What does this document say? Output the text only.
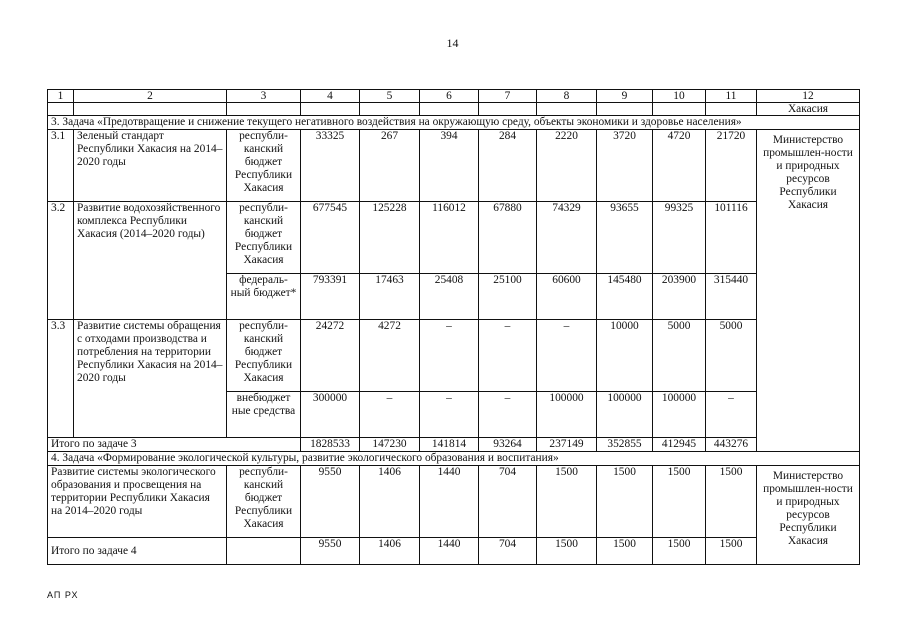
14
1	2	3	4	5	6	7	8	9	10	11	12	
											Хакасия	
3. Задача «Предотвращение и снижение текущего негативного воздействия на окружающую среду, объекты экономики и здоровье населения»												
3.1	Зеленый стандарт Республики Хакасия на 2014–2020 годы	республи-канский бюджет Республики Хакасия	33325	267	394	284	2220	3720	4720	21720	Министерство промышлен-ности и природных ресурсов Республики Хакасия	
3.2	Развитие водохозяйственного комплекса Республики Хакасия (2014–2020 годы)	республи-канский бюджет Республики Хакасия	677545	125228	116012	67880	74329	93655	99325	101116		
		федераль-ный бюджет*	793391	17463	25408	25100	60600	145480	203900	315440		
3.3	Развитие системы обращения с отходами производства и потребления на территории Республики Хакасия на 2014–2020 годы	республи-канский бюджет Республики Хакасия	24272	4272	–	–	–	10000	5000	5000		
		внебюджет ные средства	300000	–	–	–	100000	100000	100000	–		
Итого по задаче 3			1828533	147230	141814	93264	237149	352855	412945	443276		
4. Задача «Формирование экологической культуры, развитие экологического образования и воспитания»												
Развитие системы экологического образования и просвещения на территории Республики Хакасия на 2014–2020 годы		республи-канский бюджет Республики Хакасия	9550	1406	1440	704	1500	1500	1500	1500	Министерство промышлен-ности и природных ресурсов Республики Хакасия	
Итого по задаче 4			9550	1406	1440	704	1500	1500	1500	1500		
АП РХ
